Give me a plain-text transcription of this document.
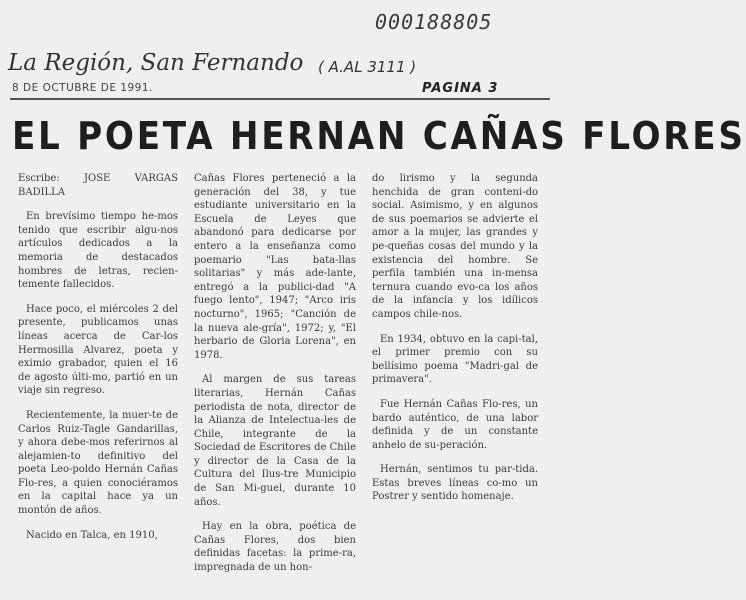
000188805
La Región, San Fernando ( A.AL 3111 )
8 DE OCTUBRE DE 1991.	PAGINA 3
EL POETA HERNAN CAÑAS FLORES

Escribe: JOSE VARGAS BADILLA

En brevísimo tiempo he-mos tenido que escribir algu-nos artículos dedicados a la memoria de destacados hombres de letras, recien-temente fallecidos.

Hace poco, el miércoles 2 del presente, publicamos unas líneas acerca de Car-los Hermosilla Alvarez, poeta y eximio grabador, quien el 16 de agosto últi-mo, partió en un viaje sin regreso.

Recientemente, la muer-te de Carlos Ruiz-Tagle Gandarillas, y ahora debe-mos referirnos al alejamien-to definitivo del poeta Leo-poldo Hernán Cañas Flo-res, a quien conociéramos en la capital hace ya un montón de años.

Nacido en Talca, en 1910,

Cañas Flores perteneció a la generación del 38, y tue estudiante universitario en la Escuela de Leyes que abandonó para dedicarse por entero a la enseñanza como poemario "Las bata-llas solitarias" y más ade-lante, entregó a la publici-dad "A fuego lento", 1947; "Arco iris nocturno", 1965; "Canción de la nueva ale-gría", 1972; y, "El herbario de Gloria Lorena", en 1978.

Al margen de sus tareas literarias, Hernán Cañas periodista de nota, director de la Alianza de Intelectua-les de Chile, integrante de la Sociedad de Escritores de Chile y director de la Casa de la Cultura del Ilus-tre Municipio de San Mi-guel, durante 10 años.

Hay en la obra, poética de Cañas Flores, dos bien definidas facetas: la prime-ra, impregnada de un hon-

do lirismo y la segunda henchida de gran conteni-do social. Asimismo, y en algunos de sus poemarios se advierte el amor a la mujer, las grandes y pe-queñas cosas del mundo y la existencia del hombre. Se perfila también una in-mensa ternura cuando evo-ca los años de la infancia y los idílicos campos chile-nos.

En 1934, obtuvo en la capi-tal, el primer premio con su bellísimo poema "Madri-gal de primavera".

Fue Hernán Cañas Flo-res, un bardo auténtico, de una labor definida y de un constante anhelo de su-peración.

Hernán, sentimos tu par-tida. Estas breves líneas co-mo un Postrer y sentido homenaje.
